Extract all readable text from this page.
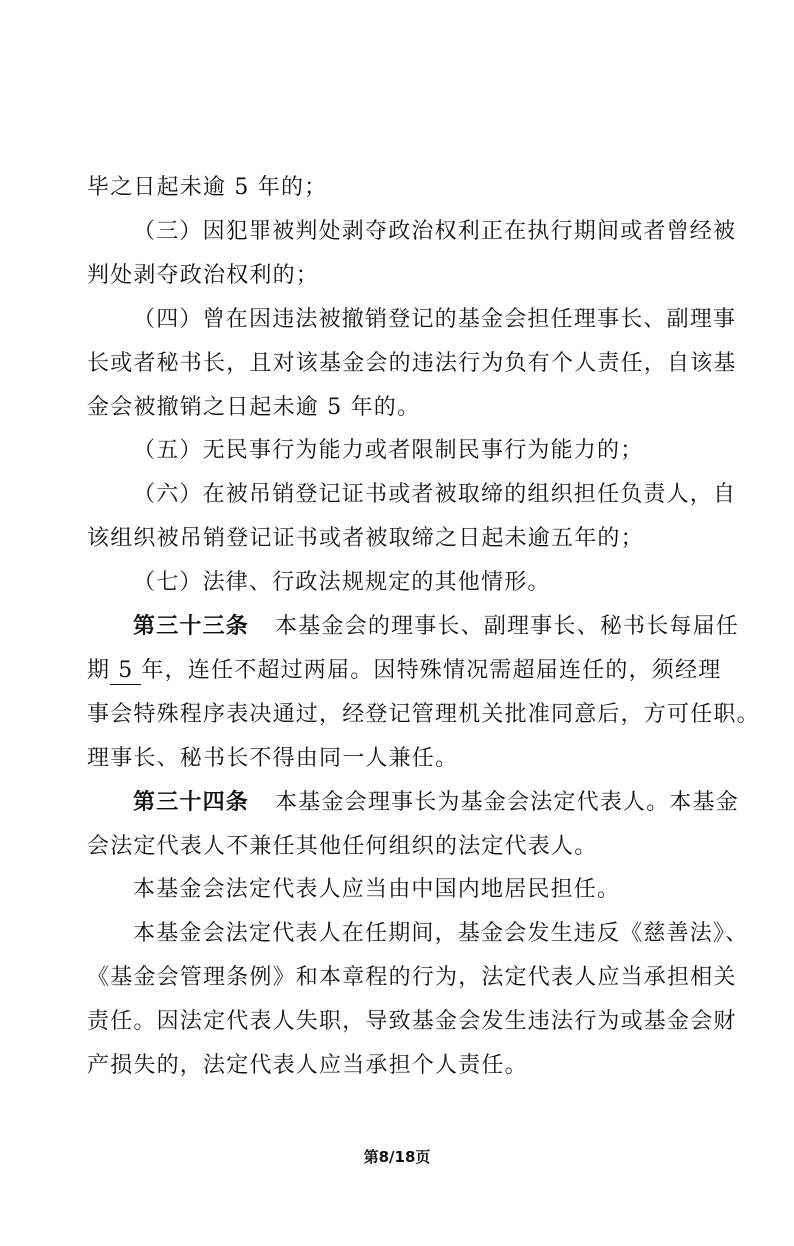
毕之日起未逾 5 年的；
（三）因犯罪被判处剥夺政治权利正在执行期间或者曾经被
判处剥夺政治权利的；
（四）曾在因违法被撤销登记的基金会担任理事长、副理事
长或者秘书长，且对该基金会的违法行为负有个人责任，自该基
金会被撤销之日起未逾 5 年的。
（五）无民事行为能力或者限制民事行为能力的；
（六）在被吊销登记证书或者被取缔的组织担任负责人，自
该组织被吊销登记证书或者被取缔之日起未逾五年的；
（七）法律、行政法规规定的其他情形。
第三十三条 本基金会的理事长、副理事长、秘书长每届任
期 5 年，连任不超过两届。因特殊情况需超届连任的，须经理
事会特殊程序表决通过，经登记管理机关批准同意后，方可任职。
理事长、秘书长不得由同一人兼任。
第三十四条 本基金会理事长为基金会法定代表人。本基金
会法定代表人不兼任其他任何组织的法定代表人。
本基金会法定代表人应当由中国内地居民担任。
本基金会法定代表人在任期间，基金会发生违反《慈善法》、
《基金会管理条例》和本章程的行为，法定代表人应当承担相关
责任。因法定代表人失职，导致基金会发生违法行为或基金会财
产损失的，法定代表人应当承担个人责任。
第8/18页
